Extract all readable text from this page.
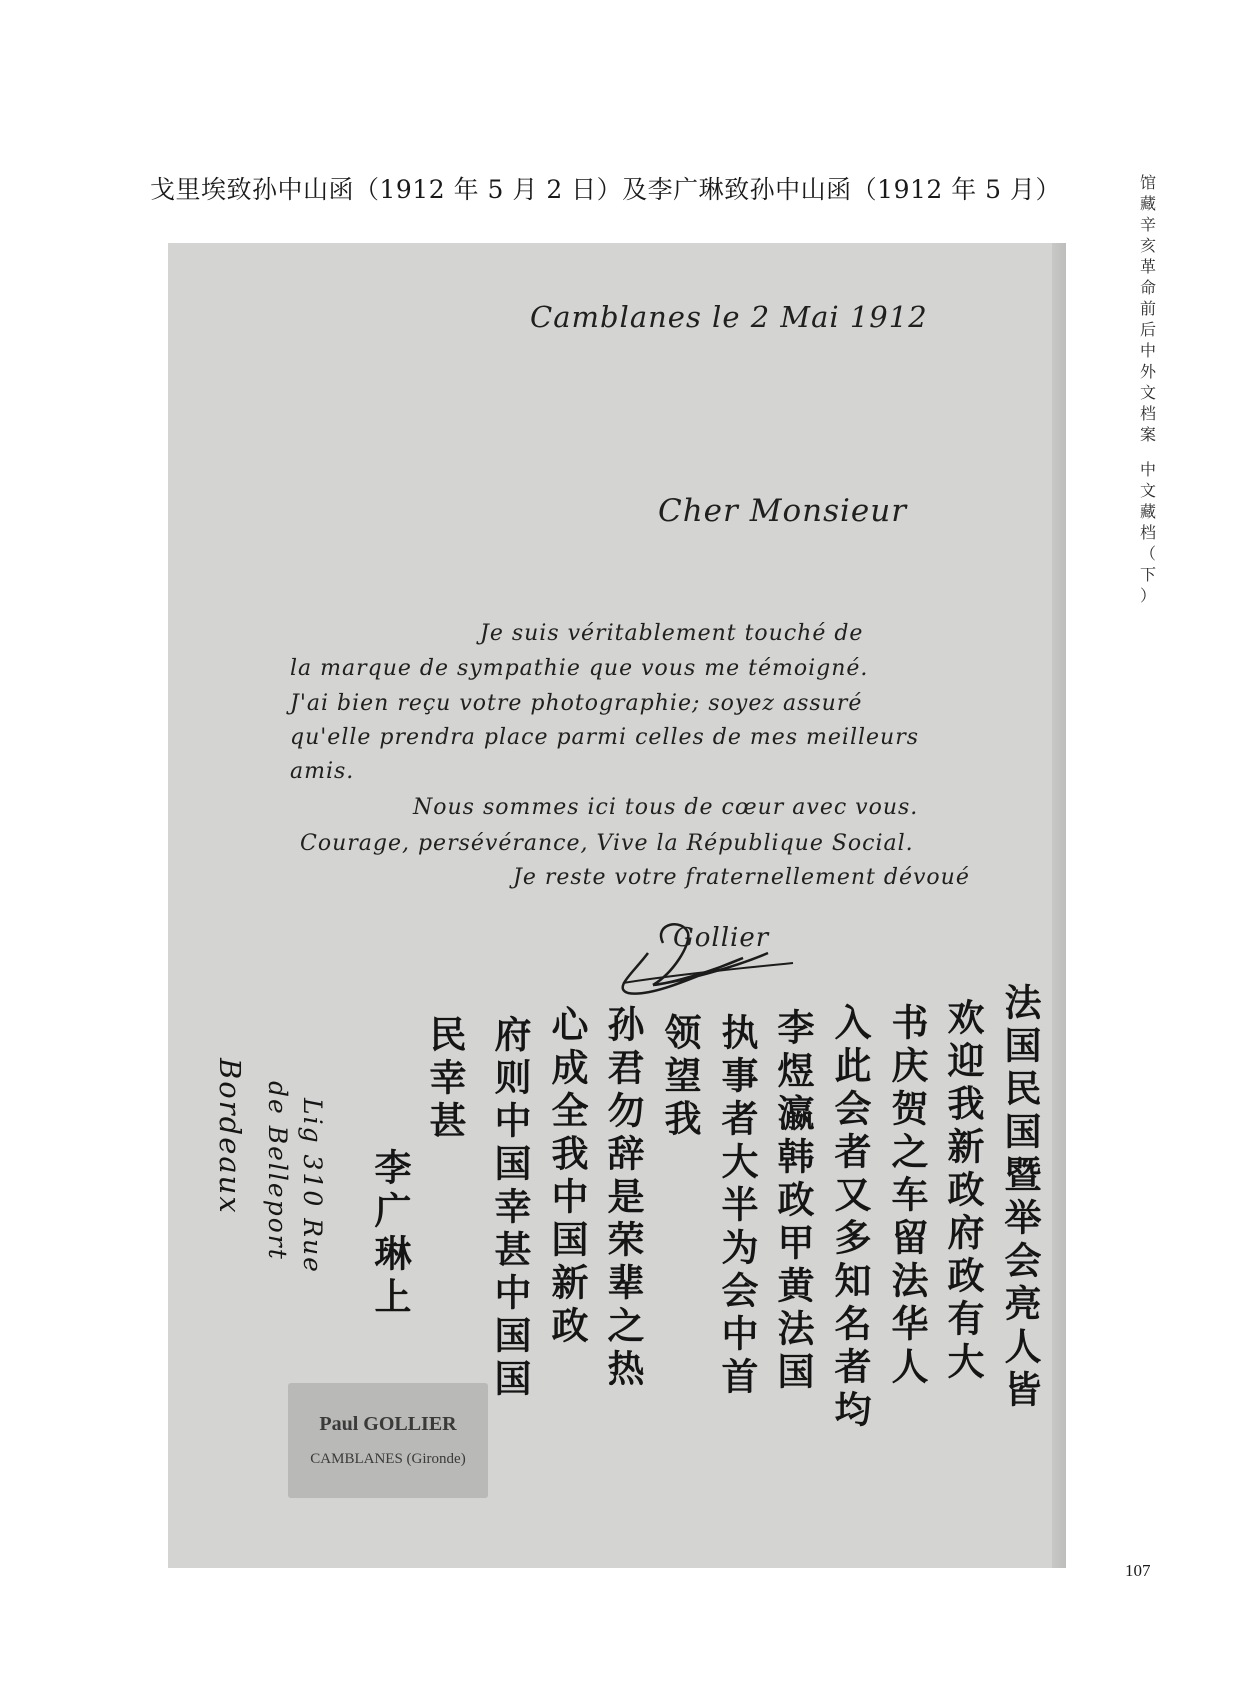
戈里埃致孙中山函（1912 年 5 月 2 日）及李广琳致孙中山函（1912 年 5 月）	馆
藏
辛
亥
革
命
前
后
中
外
文
档
案
中
文
藏
档
（
下
）
Camblanes le 2 Mai 1912
Cher Monsieur
Je suis véritablement touché de
la marque de sympathie que vous me témoigné.
J'ai bien reçu votre photographie; soyez assuré
qu'elle prendra place parmi celles de mes meilleurs
amis.
Nous sommes ici tous de cœur avec vous.
Courage, persévérance, Vive la République Social.
Je reste votre fraternellement dévoué
Gollier
法国民国暨举会亮人皆
欢迎我新政府政有大
书庆贺之车留法华人
入此会者又多知名者均
李煜瀛韩政甲黄法国
执事者大半为会中首
领望我
孙君勿辞是荣辈之热
心成全我中国新政
府则中国幸甚中国国
民幸甚
李广琳上
Lig 310 Rue
de Belleport
Bordeaux
Paul GOLLIER
CAMBLANES (Gironde)
107
